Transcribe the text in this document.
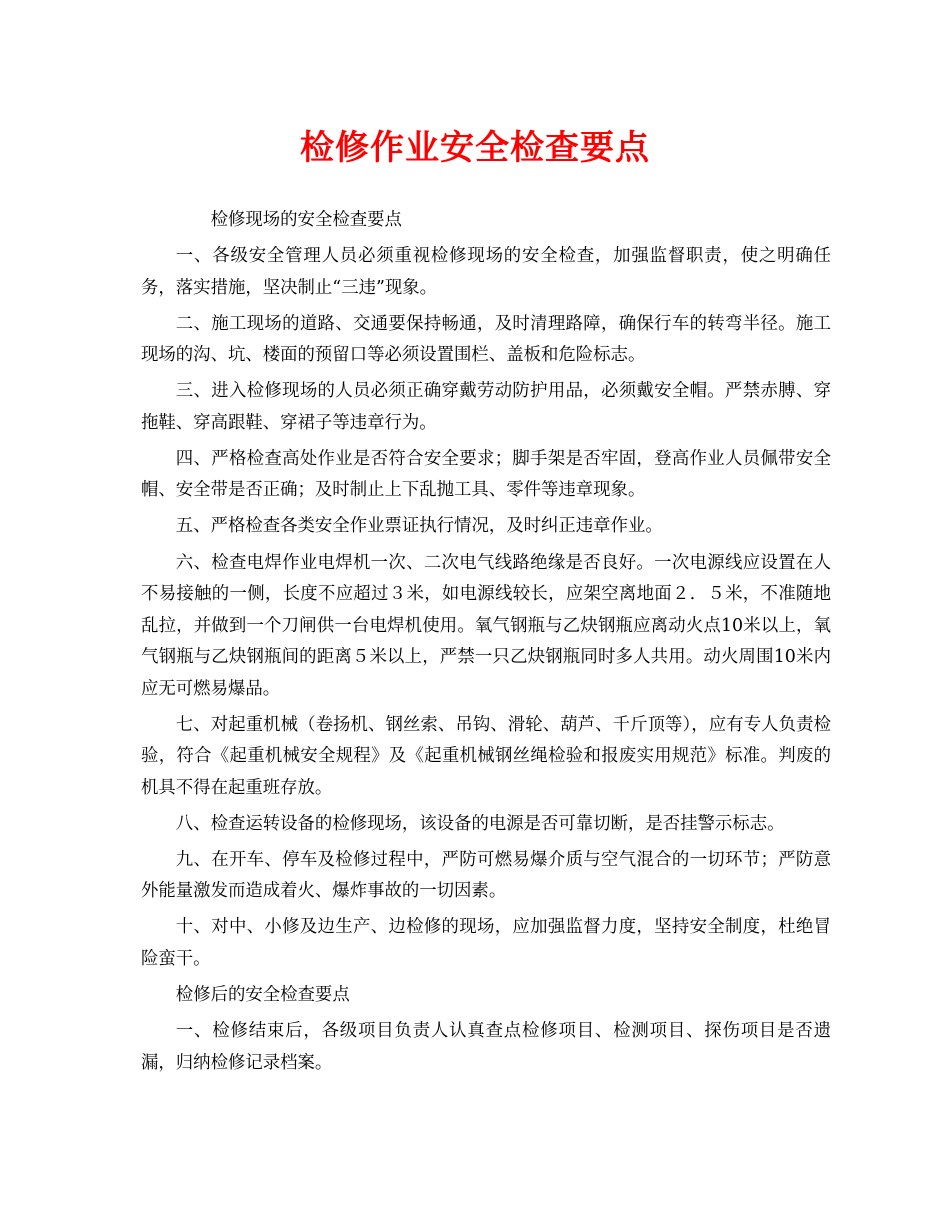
检修作业安全检查要点

检修现场的安全检查要点

一、各级安全管理人员必须重视检修现场的安全检查，加强监督职责，使之明确任务，落实措施，坚决制止“三违”现象。

二、施工现场的道路、交通要保持畅通，及时清理路障，确保行车的转弯半径。施工现场的沟、坑、楼面的预留口等必须设置围栏、盖板和危险标志。

三、进入检修现场的人员必须正确穿戴劳动防护用品，必须戴安全帽。严禁赤膊、穿拖鞋、穿高跟鞋、穿裙子等违章行为。

四、严格检查高处作业是否符合安全要求；脚手架是否牢固，登高作业人员佩带安全帽、安全带是否正确；及时制止上下乱抛工具、零件等违章现象。

五、严格检查各类安全作业票证执行情况，及时纠正违章作业。

六、检查电焊作业电焊机一次、二次电气线路绝缘是否良好。一次电源线应设置在人不易接触的一侧，长度不应超过３米，如电源线较长，应架空离地面２．５米，不准随地乱拉，并做到一个刀闸供一台电焊机使用。氧气钢瓶与乙炔钢瓶应离动火点10米以上，氧气钢瓶与乙炔钢瓶间的距离５米以上，严禁一只乙炔钢瓶同时多人共用。动火周围10米内应无可燃易爆品。

七、对起重机械（卷扬机、钢丝索、吊钩、滑轮、葫芦、千斤顶等），应有专人负责检验，符合《起重机械安全规程》及《起重机械钢丝绳检验和报废实用规范》标准。判废的机具不得在起重班存放。

八、检查运转设备的检修现场，该设备的电源是否可靠切断，是否挂警示标志。

九、在开车、停车及检修过程中，严防可燃易爆介质与空气混合的一切环节；严防意外能量激发而造成着火、爆炸事故的一切因素。

十、对中、小修及边生产、边检修的现场，应加强监督力度，坚持安全制度，杜绝冒险蛮干。

检修后的安全检查要点

一、检修结束后，各级项目负责人认真查点检修项目、检测项目、探伤项目是否遗漏，归纳检修记录档案。
